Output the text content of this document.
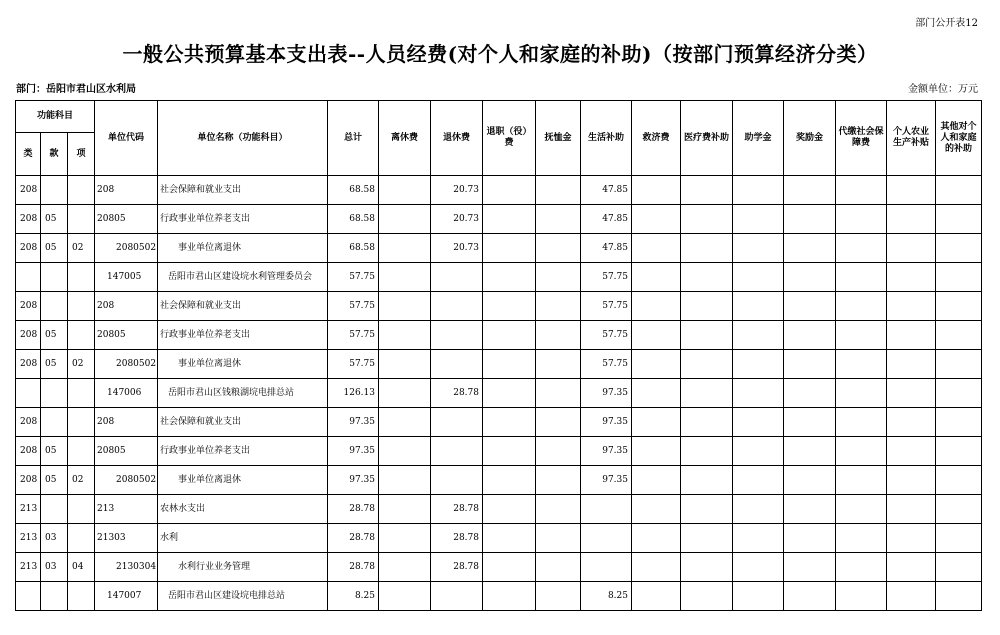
部门公开表12
一般公共预算基本支出表--人员经费(对个人和家庭的补助)（按部门预算经济分类）
部门：岳阳市君山区水利局	金额单位：万元
功能科目			单位代码	单位名称（功能科目）	总计	离休费	退休费	退职（役）费	抚恤金	生活补助	救济费	医疗费补助	助学金	奖励金	代缴社会保障费	个人农业生产补贴	其他对个人和家庭的补助
类	款	项															
208			208	社会保障和就业支出	68.58		20.73			47.85							
208	05		20805	行政事业单位养老支出	68.58		20.73			47.85							
208	05	02	2080502	事业单位离退休	68.58		20.73			47.85							
			147005	岳阳市君山区建设垸水利管理委员会	57.75					57.75							
208			208	社会保障和就业支出	57.75					57.75							
208	05		20805	行政事业单位养老支出	57.75					57.75							
208	05	02	2080502	事业单位离退休	57.75					57.75							
			147006	岳阳市君山区钱粮湖垸电排总站	126.13		28.78			97.35							
208			208	社会保障和就业支出	97.35					97.35							
208	05		20805	行政事业单位养老支出	97.35					97.35							
208	05	02	2080502	事业单位离退休	97.35					97.35							
213			213	农林水支出	28.78		28.78										
213	03		21303	水利	28.78		28.78										
213	03	04	2130304	水利行业业务管理	28.78		28.78										
			147007	岳阳市君山区建设垸电排总站	8.25					8.25							
